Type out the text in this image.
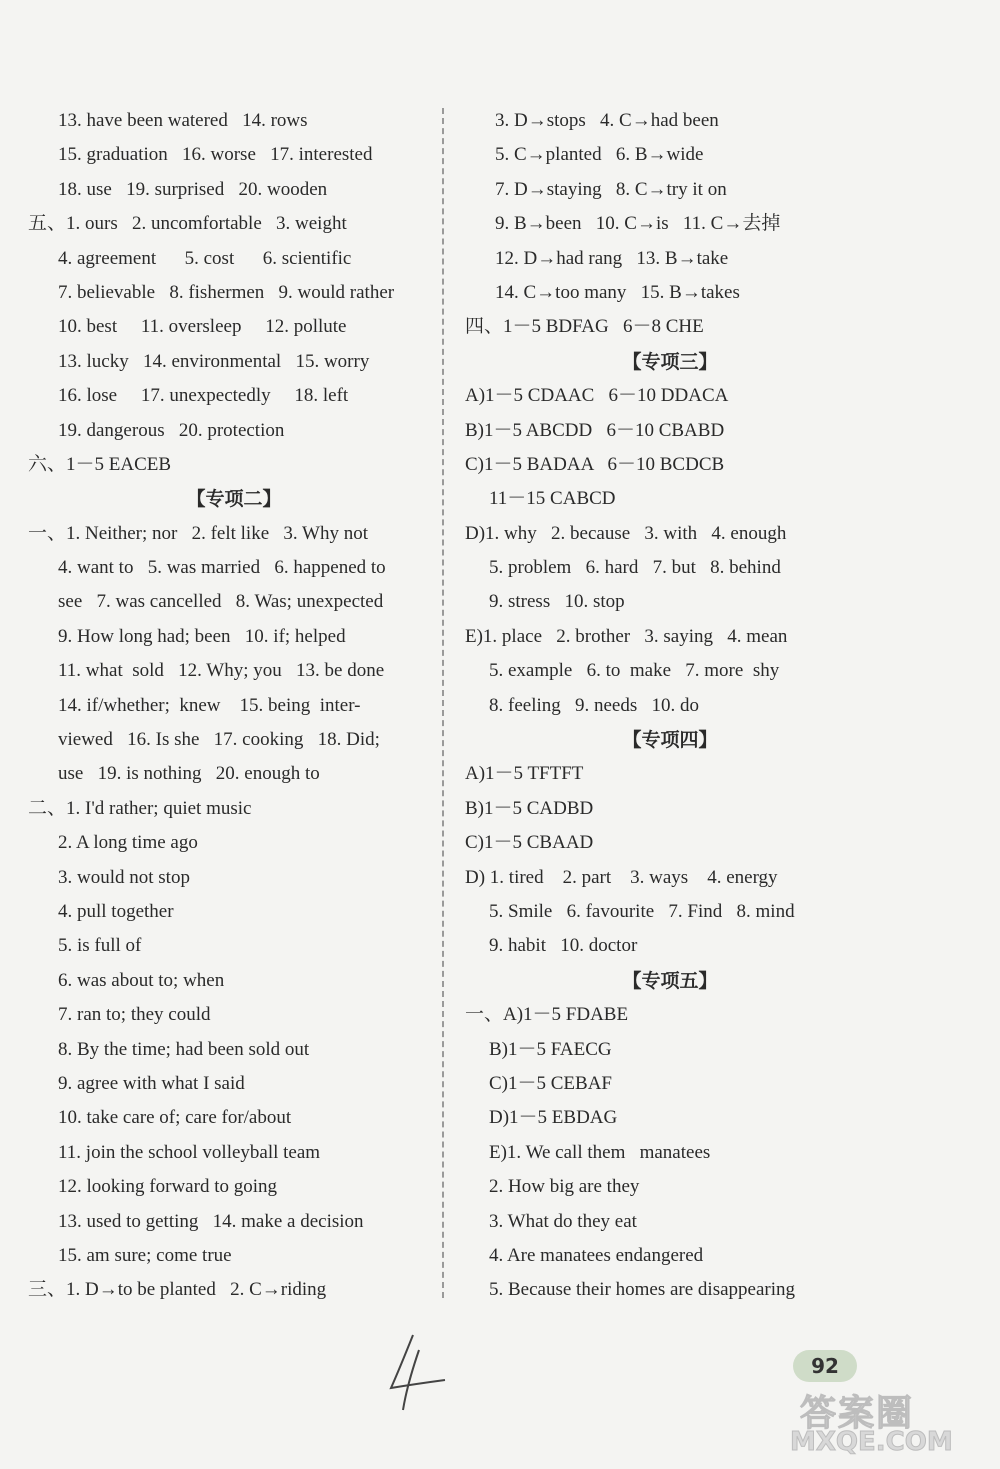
13. have been watered   14. rows
15. graduation   16. worse   17. interested
18. use   19. surprised   20. wooden
五、1. ours   2. uncomfortable   3. weight
4. agreement      5. cost      6. scientific
7. believable   8. fishermen   9. would rather
10. best     11. oversleep     12. pollute
13. lucky   14. environmental   15. worry
16. lose     17. unexpectedly     18. left
19. dangerous   20. protection
六、1－5 EACEB
【专项二】
一、1. Neither; nor   2. felt like   3. Why not
4. want to   5. was married   6. happened to
see   7. was cancelled   8. Was; unexpected
9. How long had; been   10. if; helped
11. what  sold   12. Why; you   13. be done
14. if/whether;  knew    15. being  inter-
viewed   16. Is she   17. cooking   18. Did;
use   19. is nothing   20. enough to
二、1. I'd rather; quiet music
2. A long time ago
3. would not stop
4. pull together
5. is full of
6. was about to; when
7. ran to; they could
8. By the time; had been sold out
9. agree with what I said
10. take care of; care for/about
11. join the school volleyball team
12. looking forward to going
13. used to getting   14. make a decision
15. am sure; come true
三、1. D→to be planted   2. C→riding
3. D→stops   4. C→had been
5. C→planted   6. B→wide
7. D→staying   8. C→try it on
9. B→been   10. C→is   11. C→去掉
12. D→had rang   13. B→take
14. C→too many   15. B→takes
四、1－5 BDFAG   6－8 CHE
【专项三】
A)1－5 CDAAC   6－10 DDACA
B)1－5 ABCDD   6－10 CBABD
C)1－5 BADAA   6－10 BCDCB
11－15 CABCD
D)1. why   2. because   3. with   4. enough
5. problem   6. hard   7. but   8. behind
9. stress   10. stop
E)1. place   2. brother   3. saying   4. mean
5. example   6. to  make   7. more  shy
8. feeling   9. needs   10. do
【专项四】
A)1－5 TFTFT
B)1－5 CADBD
C)1－5 CBAAD
D) 1. tired    2. part    3. ways    4. energy
5. Smile   6. favourite   7. Find   8. mind
9. habit   10. doctor
【专项五】
一、A)1－5 FDABE
B)1－5 FAECG
C)1－5 CEBAF
D)1－5 EBDAG
E)1. We call them   manatees
2. How big are they
3. What do they eat
4. Are manatees endangered
5. Because their homes are disappearing
92
答案圈
MXQE.COM
